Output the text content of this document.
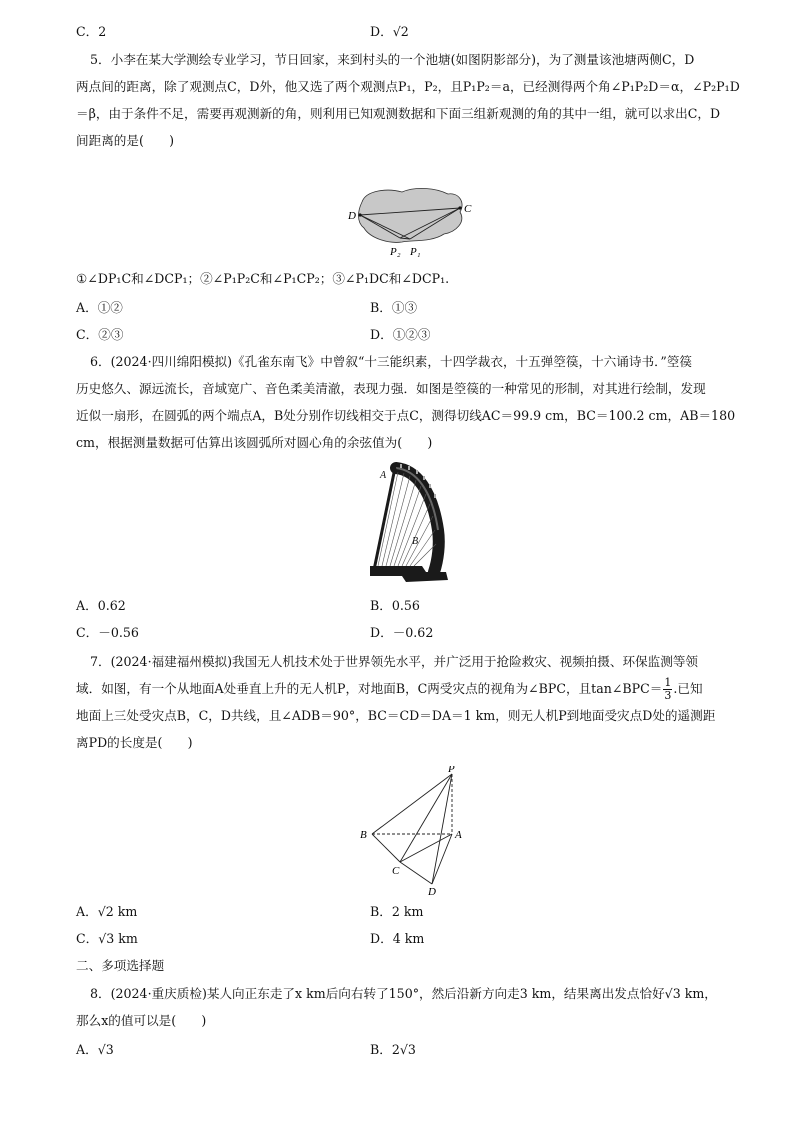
C．2	D．√2
5．小李在某大学测绘专业学习，节日回家，来到村头的一个池塘(如图阴影部分)，为了测量该池塘两侧C，D
两点间的距离，除了观测点C，D外，他又选了两个观测点P₁，P₂，且P₁P₂＝a，已经测得两个角∠P₁P₂D＝α，∠P₂P₁D
＝β，由于条件不足，需要再观测新的角，则利用已知观测数据和下面三组新观测的角的其中一组，就可以求出C，D
间距离的是(　　)
D
C
P₂ P₁
①∠DP₁C和∠DCP₁；②∠P₁P₂C和∠P₁CP₂；③∠P₁DC和∠DCP₁.
A．①②	B．①③
C．②③	D．①②③
6．(2024·四川绵阳模拟)《孔雀东南飞》中曾叙“十三能织素，十四学裁衣，十五弹箜篌，十六诵诗书．”箜篌
历史悠久、源远流长，音域宽广、音色柔美清澈，表现力强．如图是箜篌的一种常见的形制，对其进行绘制，发现
近似一扇形，在圆弧的两个端点A，B处分别作切线相交于点C，测得切线AC＝99.9 cm，BC＝100.2 cm，AB＝180
cm，根据测量数据可估算出该圆弧所对圆心角的余弦值为(　　)
A
B
A．0.62	B．0.56
C．－0.56	D．－0.62
7．(2024·福建福州模拟)我国无人机技术处于世界领先水平，并广泛用于抢险救灾、视频拍摄、环保监测等领
域．如图，有一个从地面A处垂直上升的无人机P，对地面B，C两受灾点的视角为∠BPC，且tan∠BPC＝ $\frac{1}{3}$ .已知
地面上三处受灾点B，C，D共线，且∠ADB＝90°，BC＝CD＝DA＝1 km，则无人机P到地面受灾点D处的遥测距
离PD的长度是(　　)
P
B	A
C
D
A．√2 km	B．2 km
C．√3 km	D．4 km
二、多项选择题
8．(2024·重庆质检)某人向正东走了x km后向右转了150°，然后沿新方向走3 km，结果离出发点恰好√3 km，
那么x的值可以是(　　)
A．√3	B．2√3
